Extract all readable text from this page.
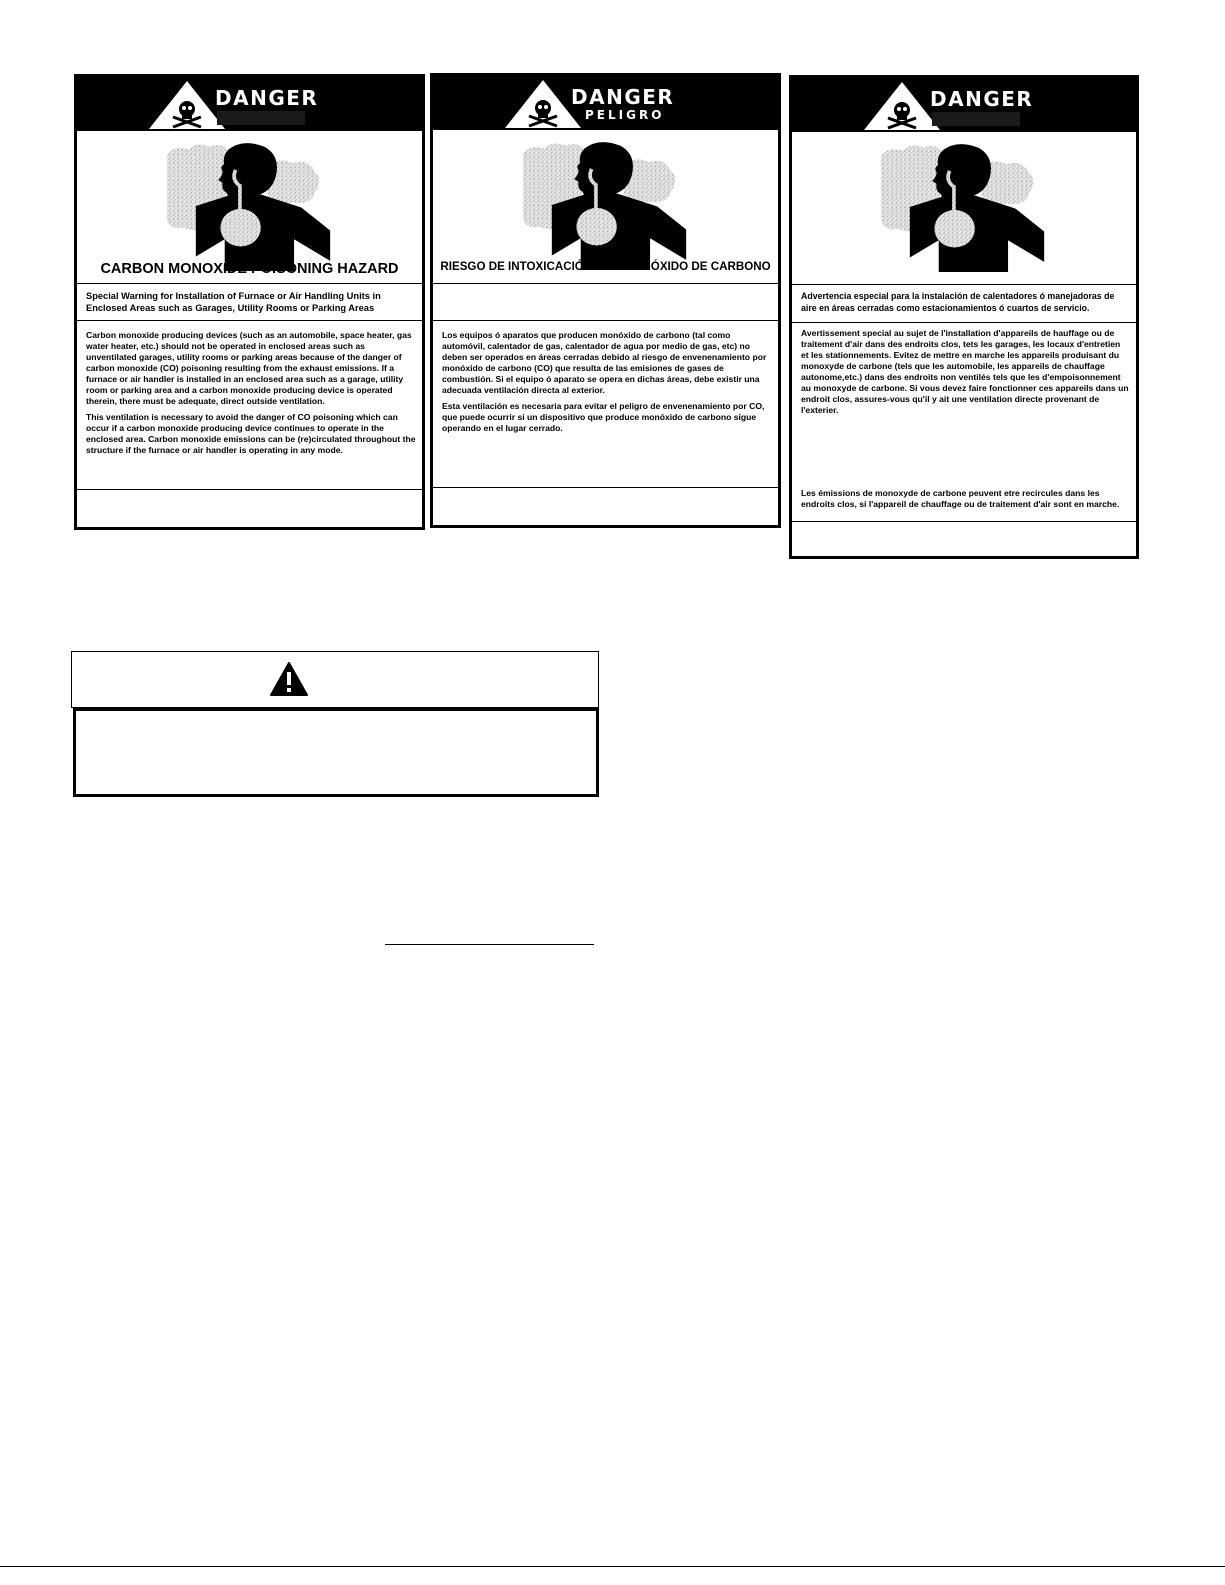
DANGER
CARBON MONOXIDE POISONING HAZARD
Special Warning for Installation of Furnace or Air Handling Units in Enclosed Areas such as Garages, Utility Rooms or Parking Areas

Carbon monoxide producing devices (such as an automobile, space heater, gas water heater, etc.) should not be operated in enclosed areas such as unventilated garages, utility rooms or parking areas because of the danger of carbon monoxide (CO) poisoning resulting from the exhaust emissions. If a furnace or air handler is installed in an enclosed area such as a garage, utility room or parking area and a carbon monoxide producing device is operated therein, there must be adequate, direct outside ventilation.

This ventilation is necessary to avoid the danger of CO poisoning which can occur if a carbon monoxide producing device continues to operate in the enclosed area. Carbon monoxide emissions can be (re)circulated throughout the structure if the furnace or air handler is operating in any mode.

DANGER
PELIGRO
RIESGO DE INTOXICACIÓN POR MONÓXIDO DE CARBONO

Los equipos ó aparatos que producen monóxido de carbono (tal como automóvil, calentador de gas, calentador de agua por medio de gas, etc) no deben ser operados en áreas cerradas debido al riesgo de envenenamiento por monóxido de carbono (CO) que resulta de las emisiones de gases de combustión. Si el equipo ó aparato se opera en dichas áreas, debe existir una adecuada ventilación directa al exterior.

Esta ventilación es necesaria para evitar el peligro de envenenamiento por CO, que puede ocurrir si un dispositivo que produce monóxido de carbono sigue operando en el lugar cerrado.

DANGER
Advertencia especial para la instalación de calentadores ó manejadoras de aire en áreas cerradas como estacionamientos ó cuartos de servicio.
Avertissement special au sujet de l'installation d'appareils de hauffage ou de traitement d'air dans des endroits clos, tets les garages, les locaux d'entretien et les stationnements. Evitez de mettre en marche les appareils produisant du monoxyde de carbone (tels que les automobile, les appareils de chauffage autonome,etc.) dans des endroits non ventilés tels que les d'empoisonnement au monoxyde de carbone. Si vous devez faire fonctionner ces appareils dans un endroit clos, assures-vous qu'il y ait une ventilation directe provenant de l'exterier.
Les émissions de monoxyde de carbone peuvent etre recircules dans les endroits clos, si l'appareil de chauffage ou de traitement d'air sont en marche.
